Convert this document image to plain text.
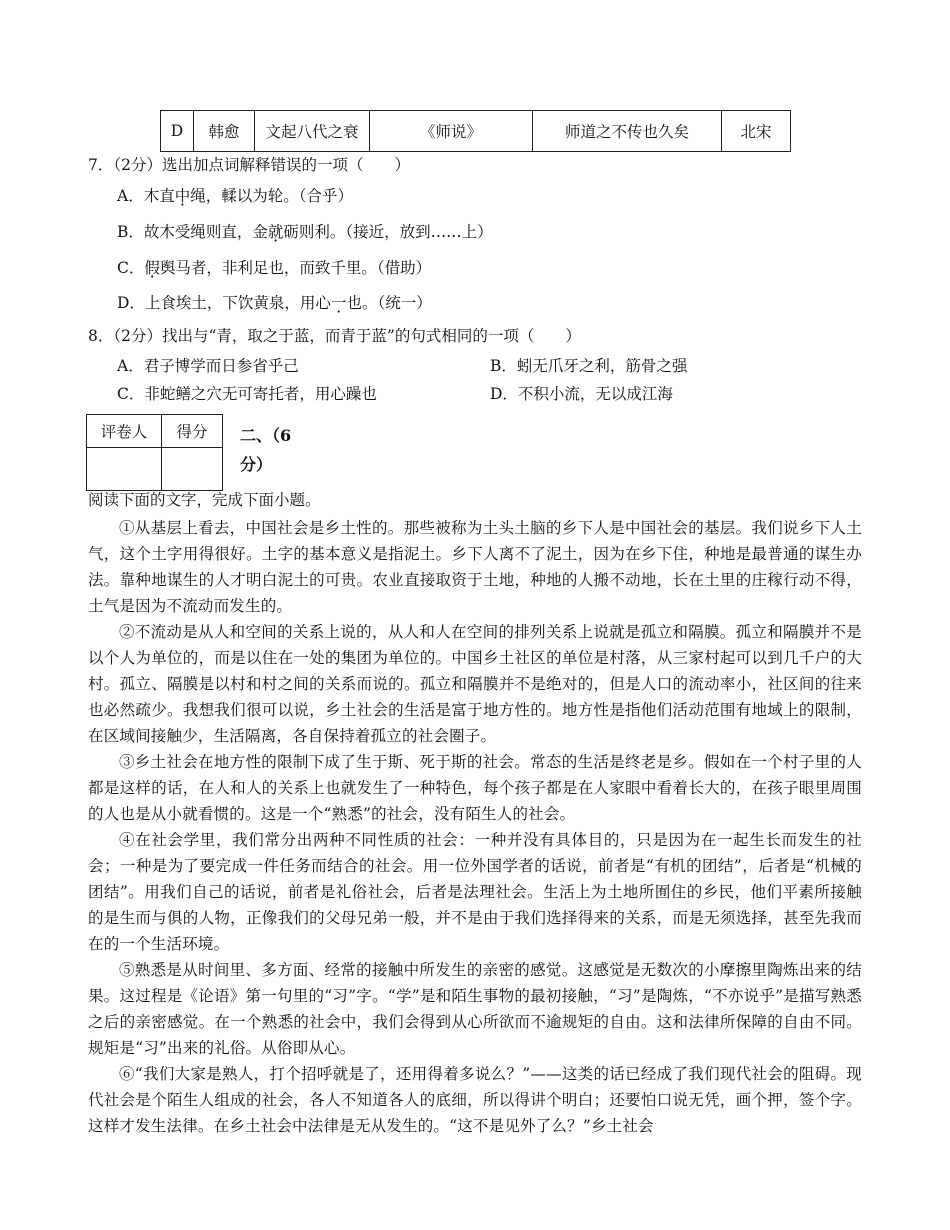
D	韩愈	文起八代之衰	《师说》	师道之不传也久矣	北宋
7．（2分）选出加点词解释错误的一项（　　）
A．木直中绳，輮以为轮。（合乎）
B．故木受绳则直，金就砺则利。（接近，放到……上）
C．假舆马者，非利足也，而致千里。（借助）
D．上食埃土，下饮黄泉，用心一也。（统一）
8．（2分）找出与“青，取之于蓝，而青于蓝”的句式相同的一项（　　）
A．君子博学而日参省乎己	B．蚓无爪牙之利，筋骨之强
C．非蛇鳝之穴无可寄托者，用心躁也	D．不积小流，无以成江海
评卷人	得分
	二、（6
分）
阅读下面的文字，完成下面小题。

①从基层上看去，中国社会是乡土性的。那些被称为土头土脑的乡下人是中国社会的基层。我们说乡下人土气，这个土字用得很好。土字的基本意义是指泥土。乡下人离不了泥土，因为在乡下住，种地是最普通的谋生办法。靠种地谋生的人才明白泥土的可贵。农业直接取资于土地，种地的人搬不动地，长在土里的庄稼行动不得，土气是因为不流动而发生的。

②不流动是从人和空间的关系上说的，从人和人在空间的排列关系上说就是孤立和隔膜。孤立和隔膜并不是以个人为单位的，而是以住在一处的集团为单位的。中国乡土社区的单位是村落，从三家村起可以到几千户的大村。孤立、隔膜是以村和村之间的关系而说的。孤立和隔膜并不是绝对的，但是人口的流动率小，社区间的往来也必然疏少。我想我们很可以说，乡土社会的生活是富于地方性的。地方性是指他们活动范围有地域上的限制，在区域间接触少，生活隔离，各自保持着孤立的社会圈子。

③乡土社会在地方性的限制下成了生于斯、死于斯的社会。常态的生活是终老是乡。假如在一个村子里的人都是这样的话，在人和人的关系上也就发生了一种特色，每个孩子都是在人家眼中看着长大的，在孩子眼里周围的人也是从小就看惯的。这是一个“熟悉”的社会，没有陌生人的社会。

④在社会学里，我们常分出两种不同性质的社会：一种并没有具体目的，只是因为在一起生长而发生的社会；一种是为了要完成一件任务而结合的社会。用一位外国学者的话说，前者是“有机的团结”，后者是“机械的团结”。用我们自己的话说，前者是礼俗社会，后者是法理社会。生活上为土地所囿住的乡民，他们平素所接触的是生而与俱的人物，正像我们的父母兄弟一般，并不是由于我们选择得来的关系，而是无须选择，甚至先我而在的一个生活环境。

⑤熟悉是从时间里、多方面、经常的接触中所发生的亲密的感觉。这感觉是无数次的小摩擦里陶炼出来的结果。这过程是《论语》第一句里的“习”字。“学”是和陌生事物的最初接触，“习”是陶炼，“不亦说乎”是描写熟悉之后的亲密感觉。在一个熟悉的社会中，我们会得到从心所欲而不逾规矩的自由。这和法律所保障的自由不同。规矩是“习”出来的礼俗。从俗即从心。

⑥“我们大家是熟人，打个招呼就是了，还用得着多说么？”——这类的话已经成了我们现代社会的阻碍。现代社会是个陌生人组成的社会，各人不知道各人的底细，所以得讲个明白；还要怕口说无凭，画个押，签个字。这样才发生法律。在乡土社会中法律是无从发生的。“这不是见外了么？”乡土社会
